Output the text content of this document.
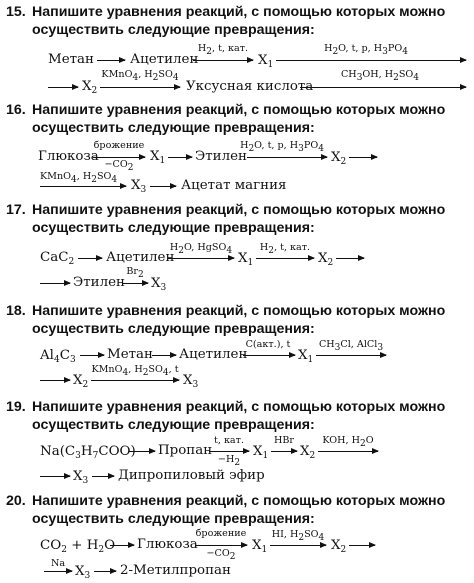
15. Напишите уравнения реакций, с помощью которых можно
осуществить следующие превращения:
Метан → Ацетилен
$H_2$, t, кат.
$X_1$
$H_2O$, t, p, $H_3PO_4$
→ $X_2$
KMnO$_4$, $H_2SO_4$
Уксусная кислота
$CH_3OH$, $H_2SO_4$
16. Напишите уравнения реакций, с помощью которых можно
осуществить следующие превращения:
Глюкоза
брожение
$-CO_2$
$X_1$ → Этилен
$H_2O$, t, p, $H_3PO_4$
$X_2$ →
KMnO$_4$, $H_2SO_4$	$X_3$ → Ацетат магния
17. Напишите уравнения реакций, с помощью которых можно
осуществить следующие превращения:
CaC$_2$ → Ацетилен
$H_2O$, HgSO$_4$ $X_1$ →
$H_2$, t, кат.
$X_2$ →
→ Этилен
$Br_2$
$X_3$
18. Напишите уравнения реакций, с помощью которых можно
осуществить следующие превращения:
$Al_4C_3$ → Метан → Ацетилен
C(акт.), t
$X_1$
$CH_3Cl$, AlCl$_3$
→ $X_2$
KMnO$_4$, $H_2SO_4$, t
$X_3$
19. Напишите уравнения реакций, с помощью которых можно
осуществить следующие превращения:
$Na(C_3H_7COO)$ → Пропан
t, кат.
$-H_2$
$X_1$ →
HBr
$X_2$ →
KOH, $H_2O$
→ $X_3$ → Дипропиловый эфир
20. Напишите уравнения реакций, с помощью которых можно
осуществить следующие превращения:
$CO_2 + H_2O$ → Глюкоза
брожение
$-CO_2$
$X_1$ →
HI, $H_2SO_4$ $X_2$ →
Na
$X_3$ → 2-Метилпропан
